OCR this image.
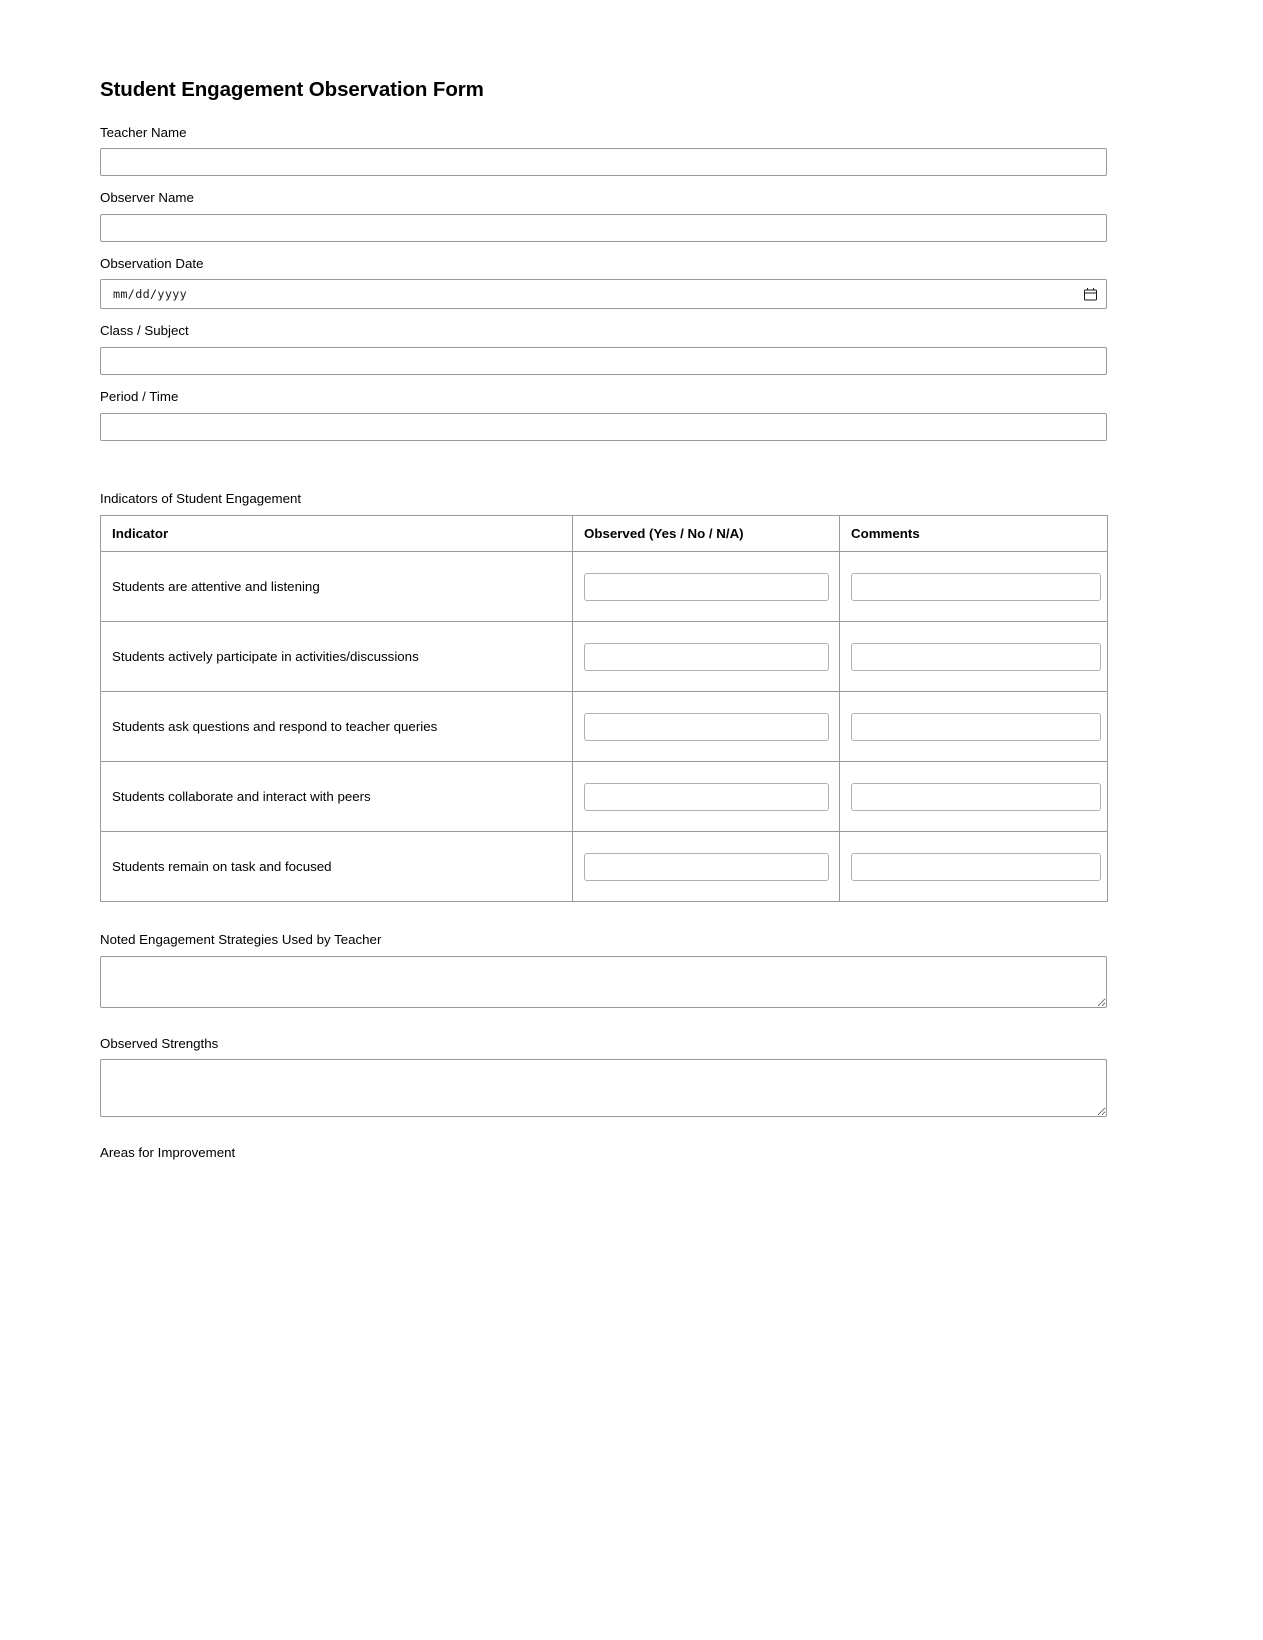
Student Engagement Observation Form
Teacher Name
Observer Name
Observation Date
mm/dd/yyyy
Class / Subject
Period / Time
Indicators of Student Engagement
Indicator	Observed (Yes / No / N/A)	Comments
Students are attentive and listening	

Students actively participate in activities/discussions	

Students ask questions and respond to teacher queries	

Students collaborate and interact with peers	

Students remain on task and focused	

Noted Engagement Strategies Used by Teacher
Observed Strengths
Areas for Improvement
